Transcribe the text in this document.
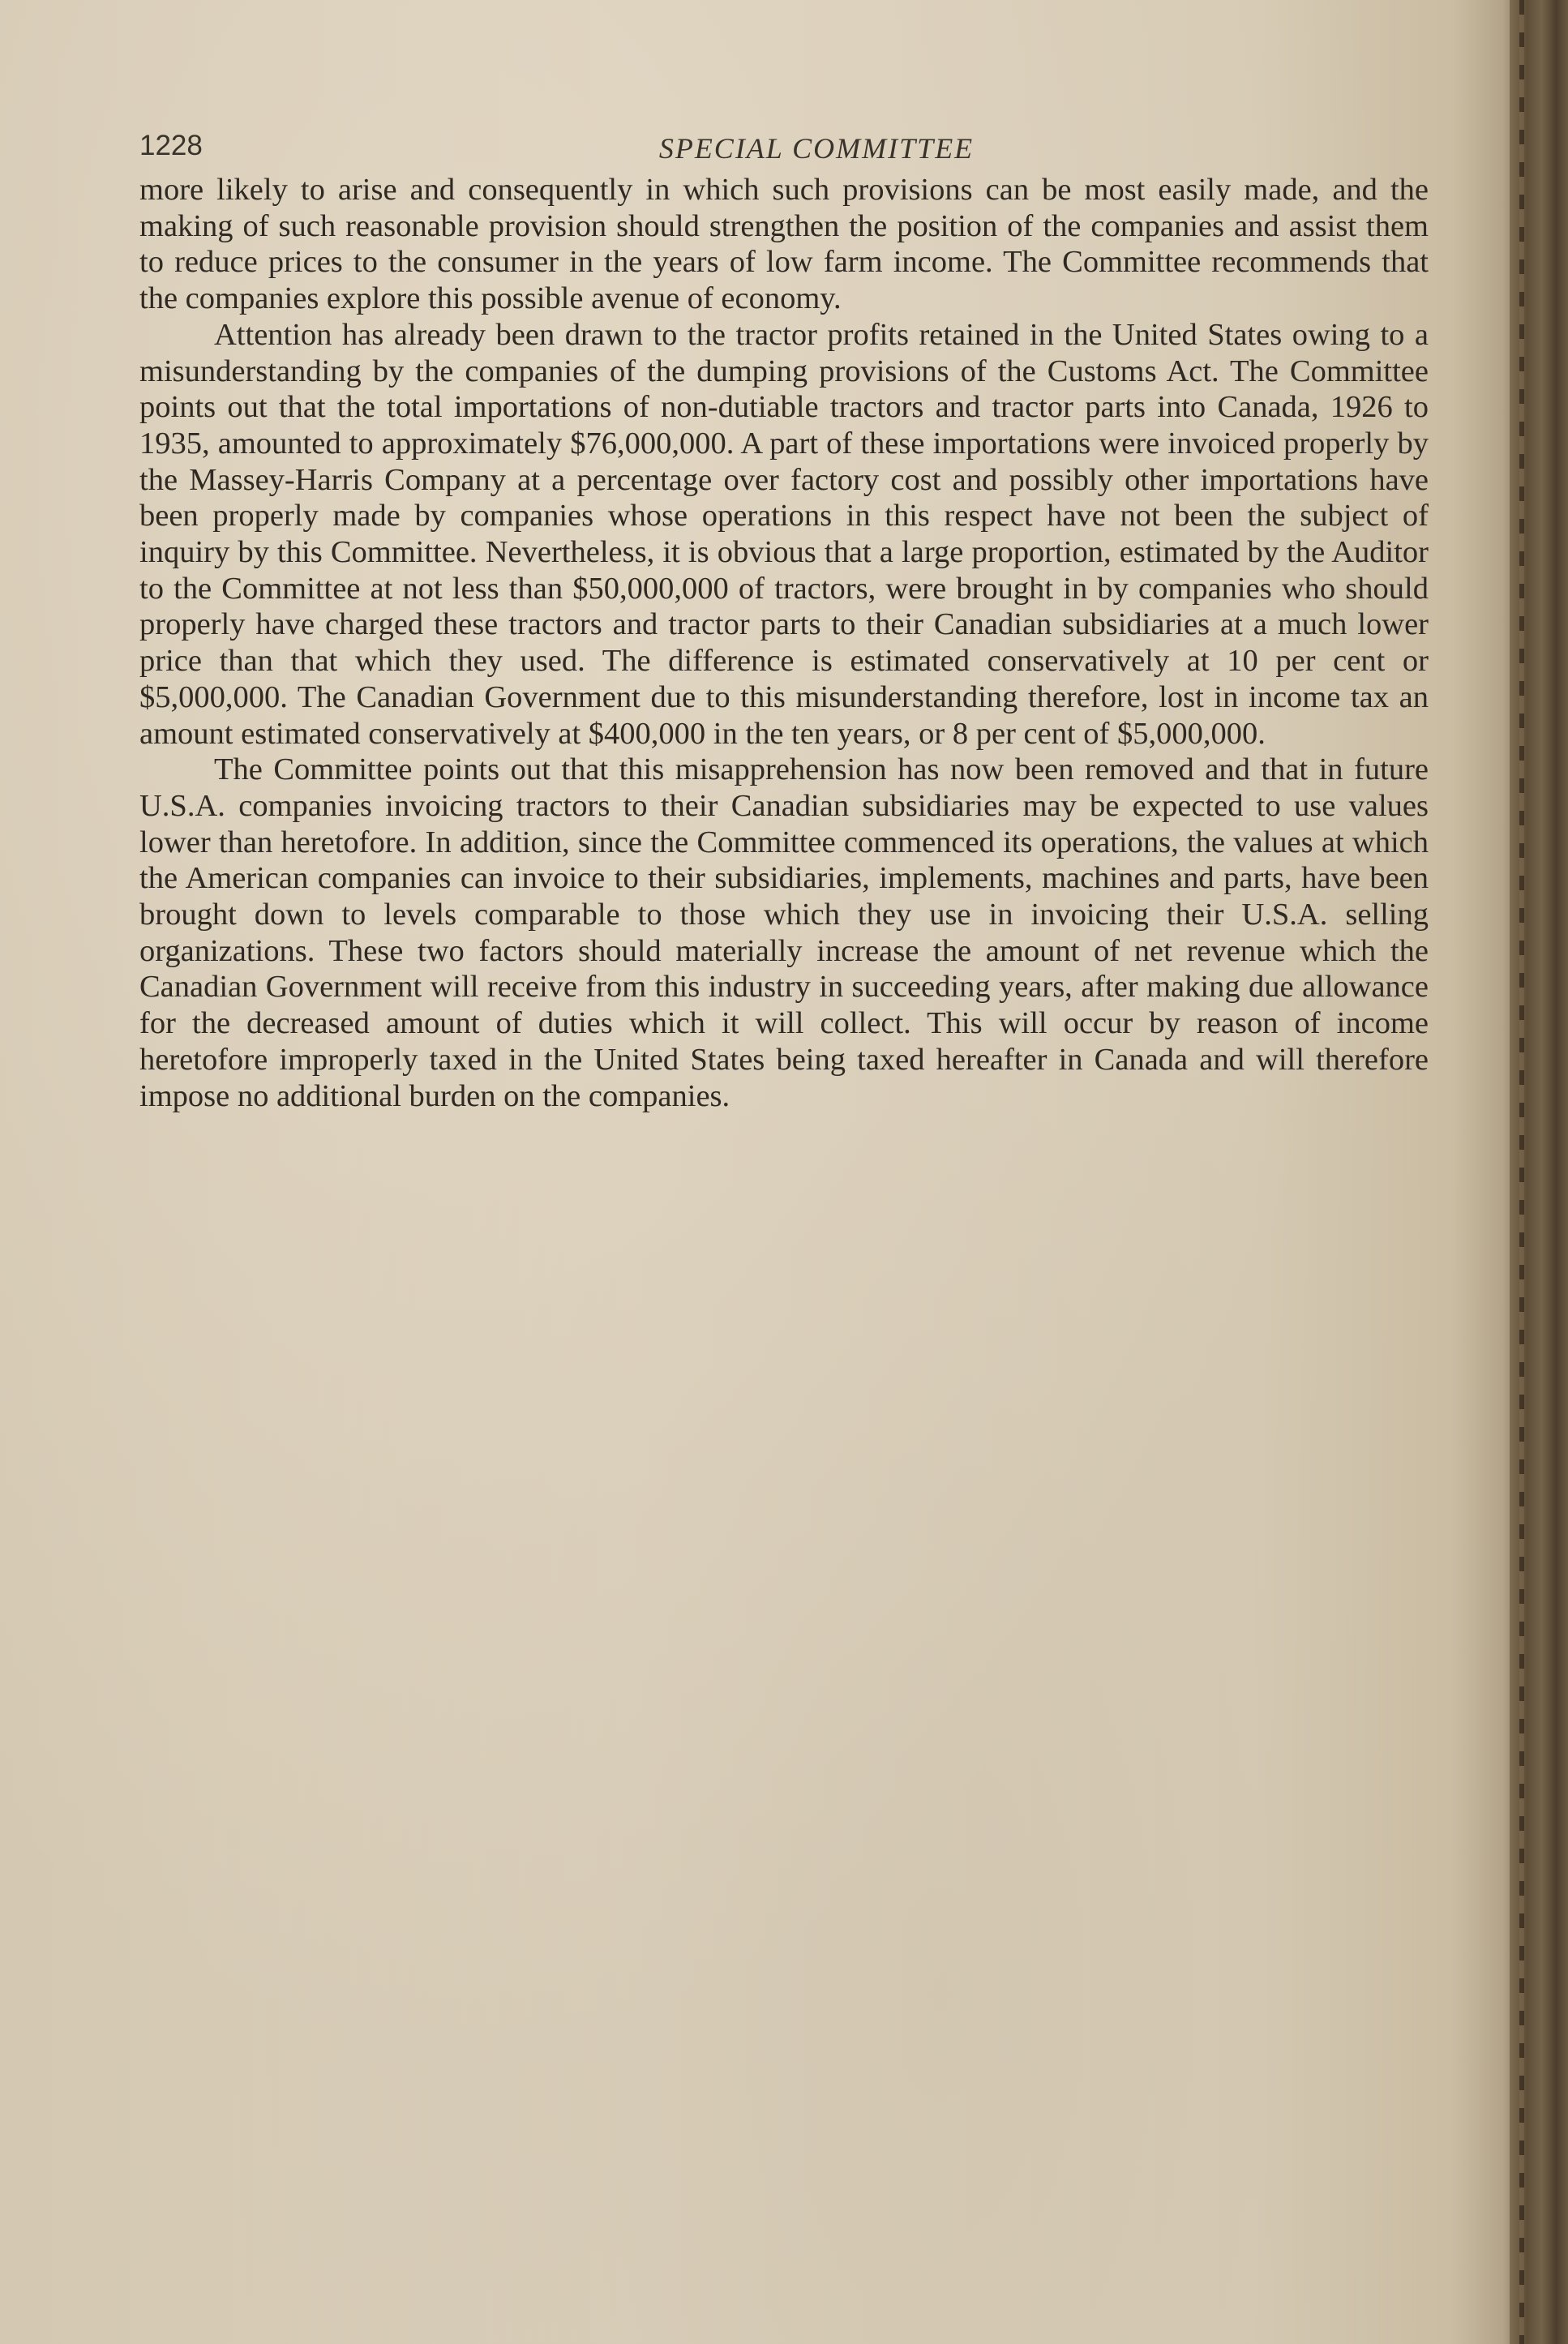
1228	SPECIAL COMMITTEE

more likely to arise and consequently in which such provisions can be most easily made, and the making of such reasonable provision should strengthen the position of the companies and assist them to reduce prices to the consumer in the years of low farm income. The Committee recommends that the companies explore this possible avenue of economy.

Attention has already been drawn to the tractor profits retained in the United States owing to a misunderstanding by the companies of the dumping provisions of the Customs Act. The Committee points out that the total importations of non-dutiable tractors and tractor parts into Canada, 1926 to 1935, amounted to approximately $76,000,000. A part of these importations were invoiced properly by the Massey-Harris Company at a percentage over factory cost and possibly other importations have been properly made by companies whose operations in this respect have not been the subject of inquiry by this Committee. Nevertheless, it is obvious that a large proportion, estimated by the Auditor to the Committee at not less than $50,000,000 of tractors, were brought in by companies who should properly have charged these tractors and tractor parts to their Canadian subsidiaries at a much lower price than that which they used. The difference is estimated conservatively at 10 per cent or $5,000,000. The Canadian Government due to this misunderstanding therefore, lost in income tax an amount estimated conservatively at $400,000 in the ten years, or 8 per cent of $5,000,000.

The Committee points out that this misapprehension has now been removed and that in future U.S.A. companies invoicing tractors to their Canadian subsidiaries may be expected to use values lower than heretofore. In addition, since the Committee commenced its operations, the values at which the American companies can invoice to their subsidiaries, implements, machines and parts, have been brought down to levels comparable to those which they use in invoicing their U.S.A. selling organizations. These two factors should materially increase the amount of net revenue which the Canadian Government will receive from this industry in succeeding years, after making due allowance for the decreased amount of duties which it will collect. This will occur by reason of income heretofore improperly taxed in the United States being taxed hereafter in Canada and will therefore impose no additional burden on the companies.
